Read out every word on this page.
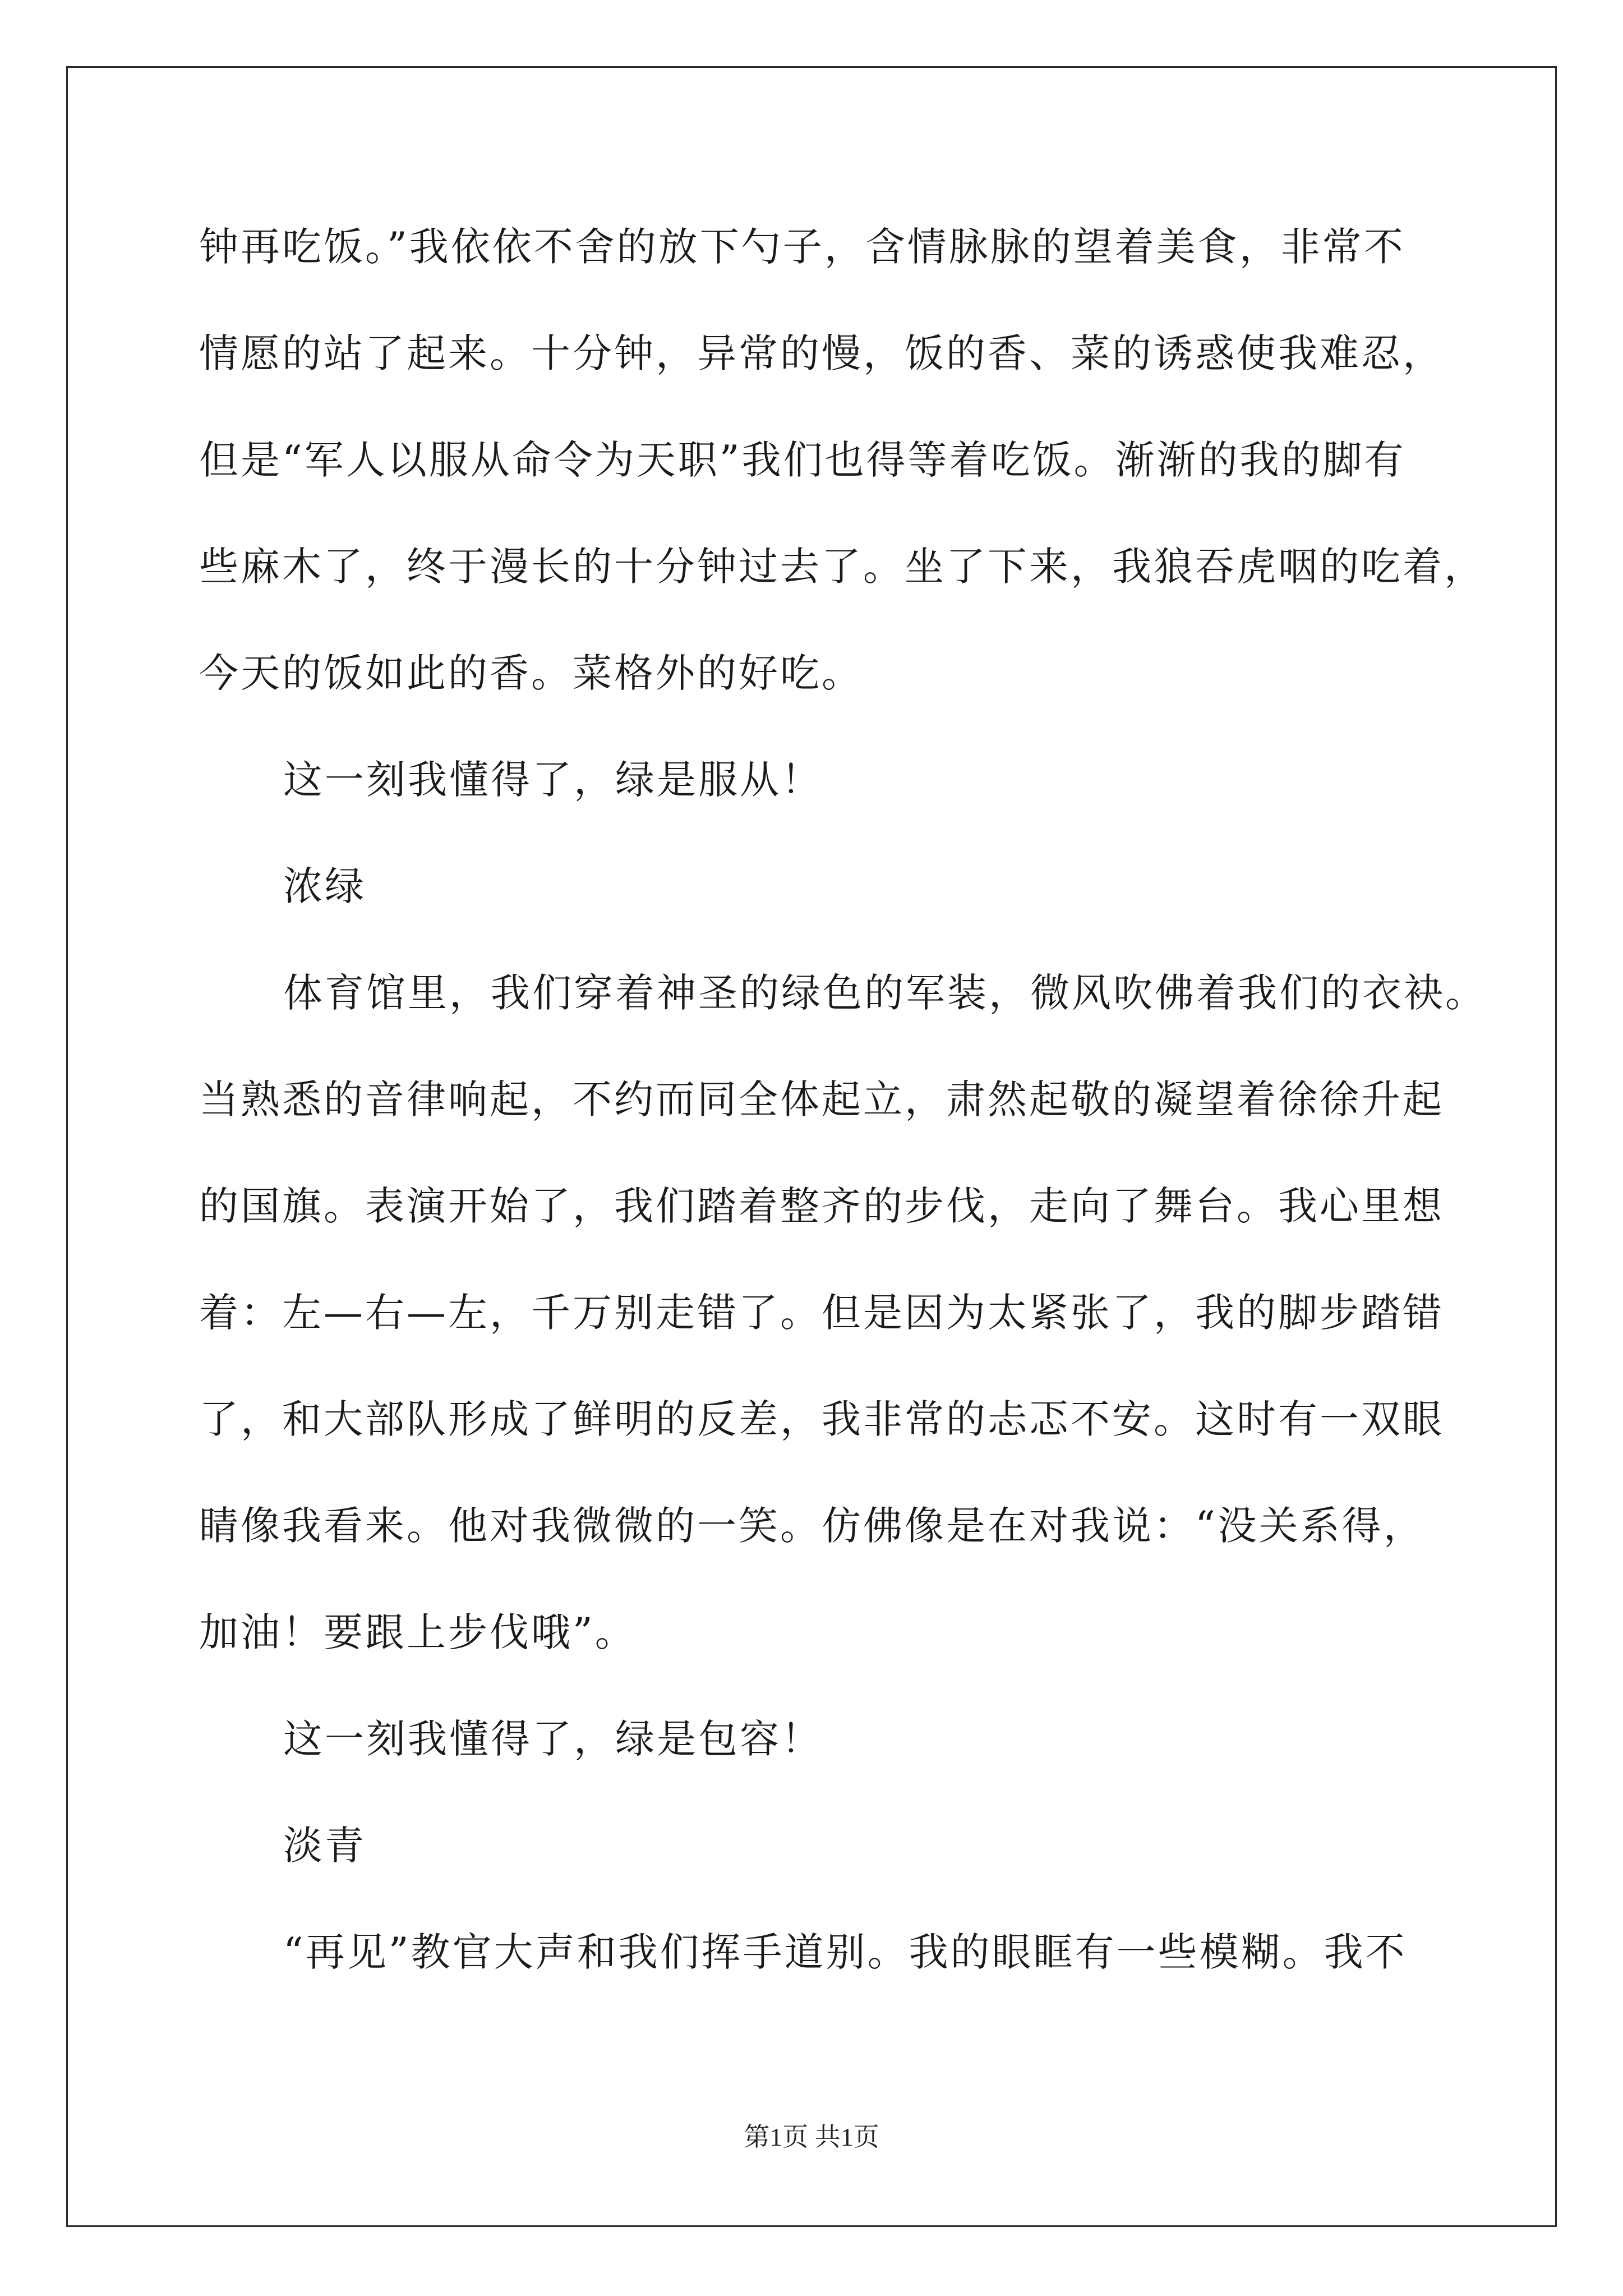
钟再吃饭。”我依依不舍的放下勺子，含情脉脉的望着美食，非常不
情愿的站了起来。十分钟，异常的慢，饭的香、菜的诱惑使我难忍，
但是“军人以服从命令为天职”我们也得等着吃饭。渐渐的我的脚有
些麻木了，终于漫长的十分钟过去了。坐了下来，我狼吞虎咽的吃着，
今天的饭如此的香。菜格外的好吃。
这一刻我懂得了，绿是服从！
浓绿
体育馆里，我们穿着神圣的绿色的军装，微风吹佛着我们的衣袂。
当熟悉的音律响起，不约而同全体起立，肃然起敬的凝望着徐徐升起
的国旗。表演开始了，我们踏着整齐的步伐，走向了舞台。我心里想
着：左—右—左，千万别走错了。但是因为太紧张了，我的脚步踏错
了，和大部队形成了鲜明的反差，我非常的忐忑不安。这时有一双眼
睛像我看来。他对我微微的一笑。仿佛像是在对我说：“没关系得，
加油！要跟上步伐哦”。
这一刻我懂得了，绿是包容！
淡青
“再见”教官大声和我们挥手道别。我的眼眶有一些模糊。我不
第1页 共1页
